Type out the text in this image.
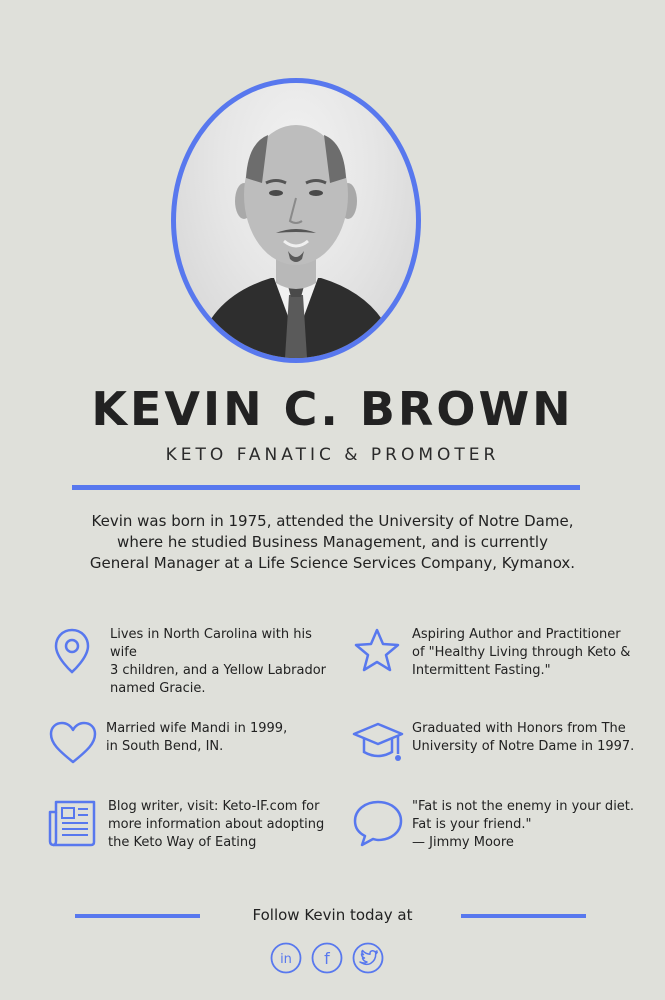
KEVIN C. BROWN
KETO FANATIC & PROMOTER
Kevin was born in 1975, attended the University of Notre Dame,
where he studied Business Management, and is currently
General Manager at a Life Science Services Company, Kymanox.
Lives in North Carolina with his wife
3 children, and a Yellow Labrador
named Gracie.
Aspiring Author and Practitioner
of "Healthy Living through Keto &
Intermittent Fasting."
Married wife Mandi in 1999,
in South Bend, IN.
Graduated with Honors from The
University of Notre Dame in 1997.
Blog writer, visit: Keto-IF.com for
more information about adopting
the Keto Way of Eating
"Fat is not the enemy in your diet.
Fat is your friend."
— Jimmy Moore
Follow Kevin today at
in f
